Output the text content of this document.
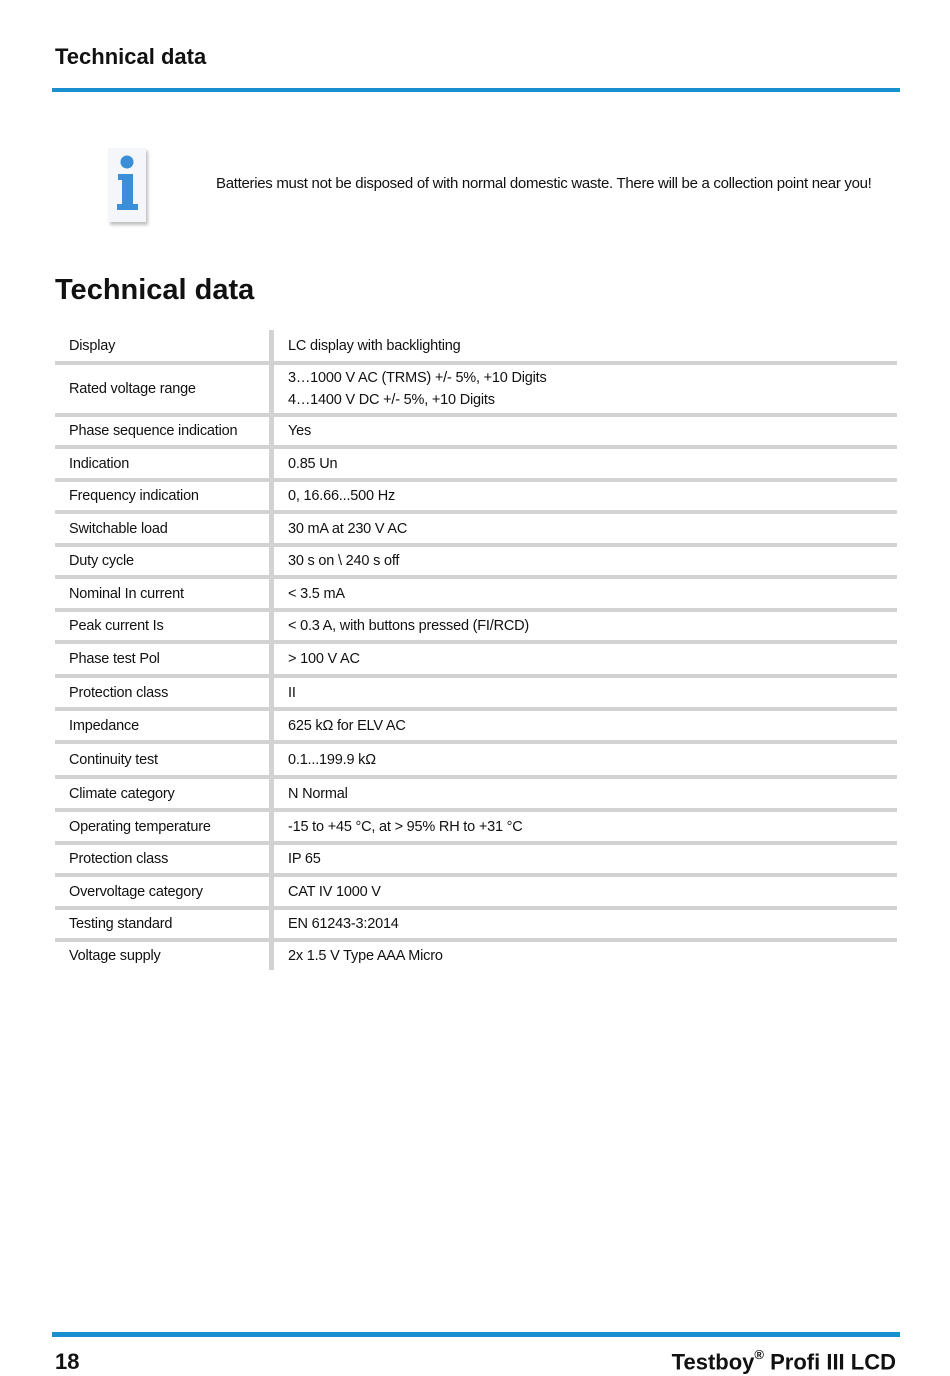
Technical data
Batteries must not be disposed of with normal domestic waste. There will be a collection point near you!
Technical data
Display	LC display with backlighting
Rated voltage range	3…1000 V AC (TRMS) +/- 5%, +10 Digits
4…1400 V DC +/- 5%, +10 Digits

Phase sequence indication	Yes
Indication	0.85 Un
Frequency indication	0, 16.66...500 Hz
Switchable load	30 mA at 230 V AC
Duty cycle	30 s on \ 240 s off
Nominal In current	< 3.5 mA
Peak current Is	< 0.3 A, with buttons pressed (FI/RCD)
Phase test Pol	> 100 V AC
Protection class	II
Impedance	625 kΩ for ELV AC
Continuity test	0.1...199.9 kΩ
Climate category	N Normal
Operating temperature	-15 to +45 °C, at > 95% RH to +31 °C
Protection class	IP 65
Overvoltage category	CAT IV 1000 V
Testing standard	EN 61243-3:2014
Voltage supply	2x 1.5 V Type AAA Micro
18	Testboy® Profi III LCD
